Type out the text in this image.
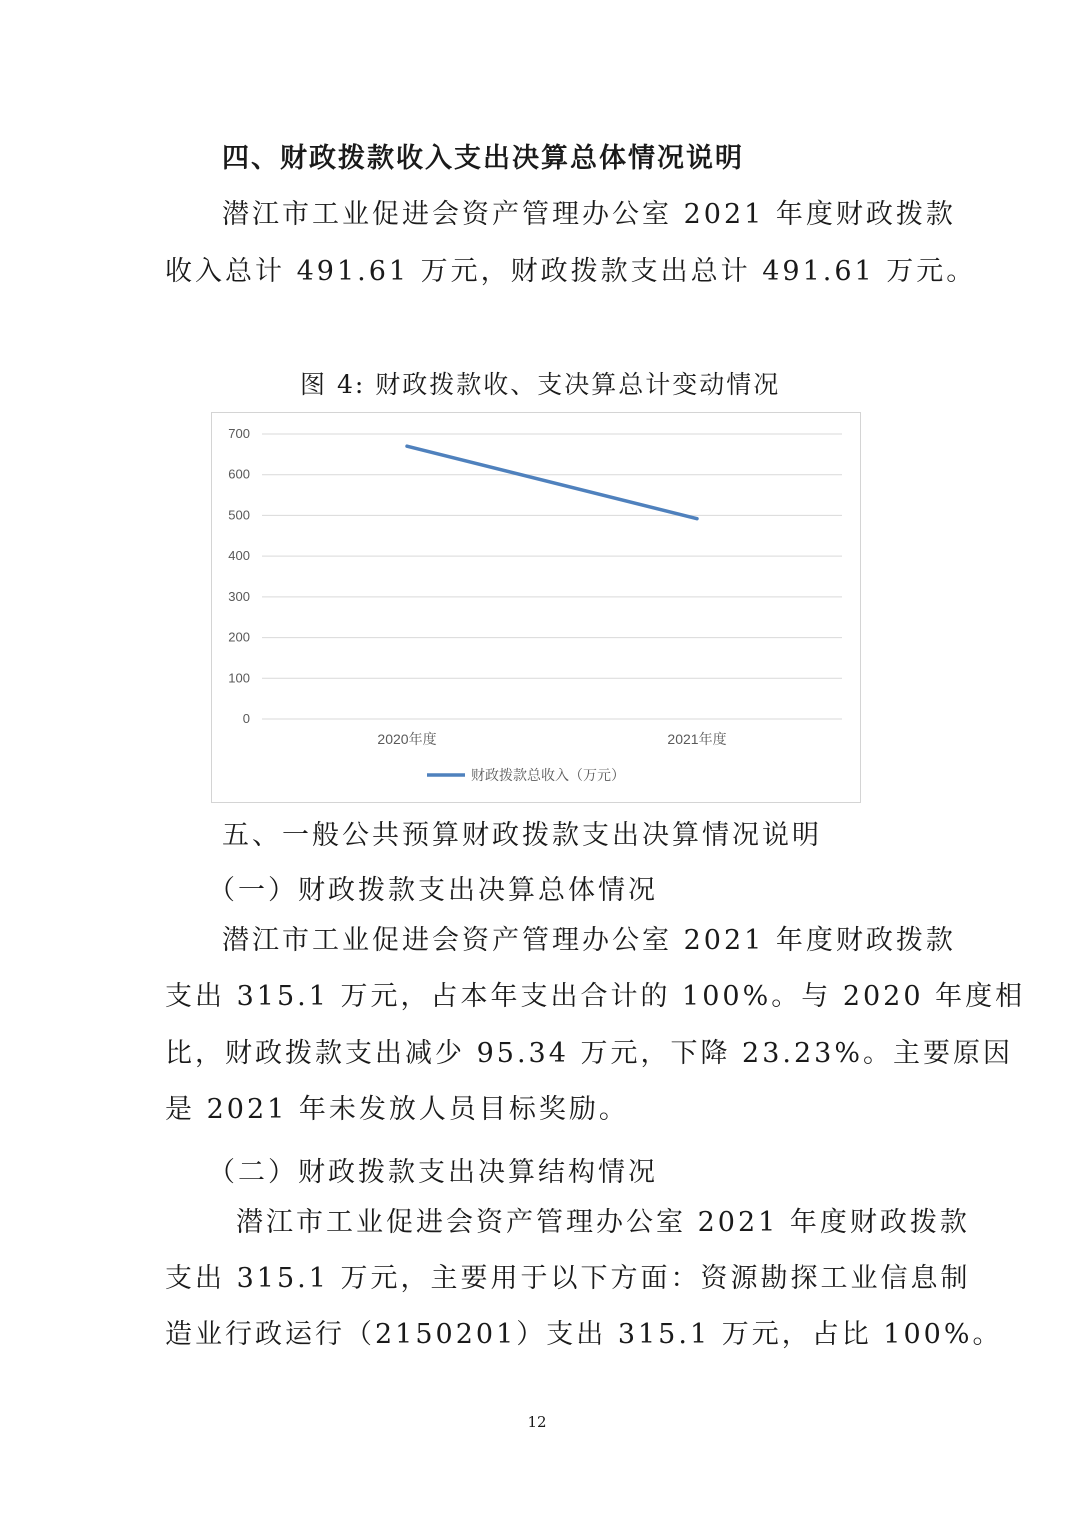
四、财政拨款收入支出决算总体情况说明
潜江市工业促进会资产管理办公室 2021 年度财政拨款
收入总计 491.61 万元，财政拨款支出总计 491.61 万元。
图 4: 财政拨款收、支决算总计变动情况
0
100
200
300
400
500
600
700
2020年度	2021年度
财政拨款总收入（万元）
五、一般公共预算财政拨款支出决算情况说明
（一）财政拨款支出决算总体情况
潜江市工业促进会资产管理办公室 2021 年度财政拨款
支出 315.1 万元，占本年支出合计的 100%。与 2020 年度相
比，财政拨款支出减少 95.34 万元，下降 23.23%。主要原因
是 2021 年未发放人员目标奖励。
（二）财政拨款支出决算结构情况
潜江市工业促进会资产管理办公室 2021 年度财政拨款
支出 315.1 万元，主要用于以下方面：资源勘探工业信息制
造业行政运行（2150201）支出 315.1 万元，占比 100%。
12
